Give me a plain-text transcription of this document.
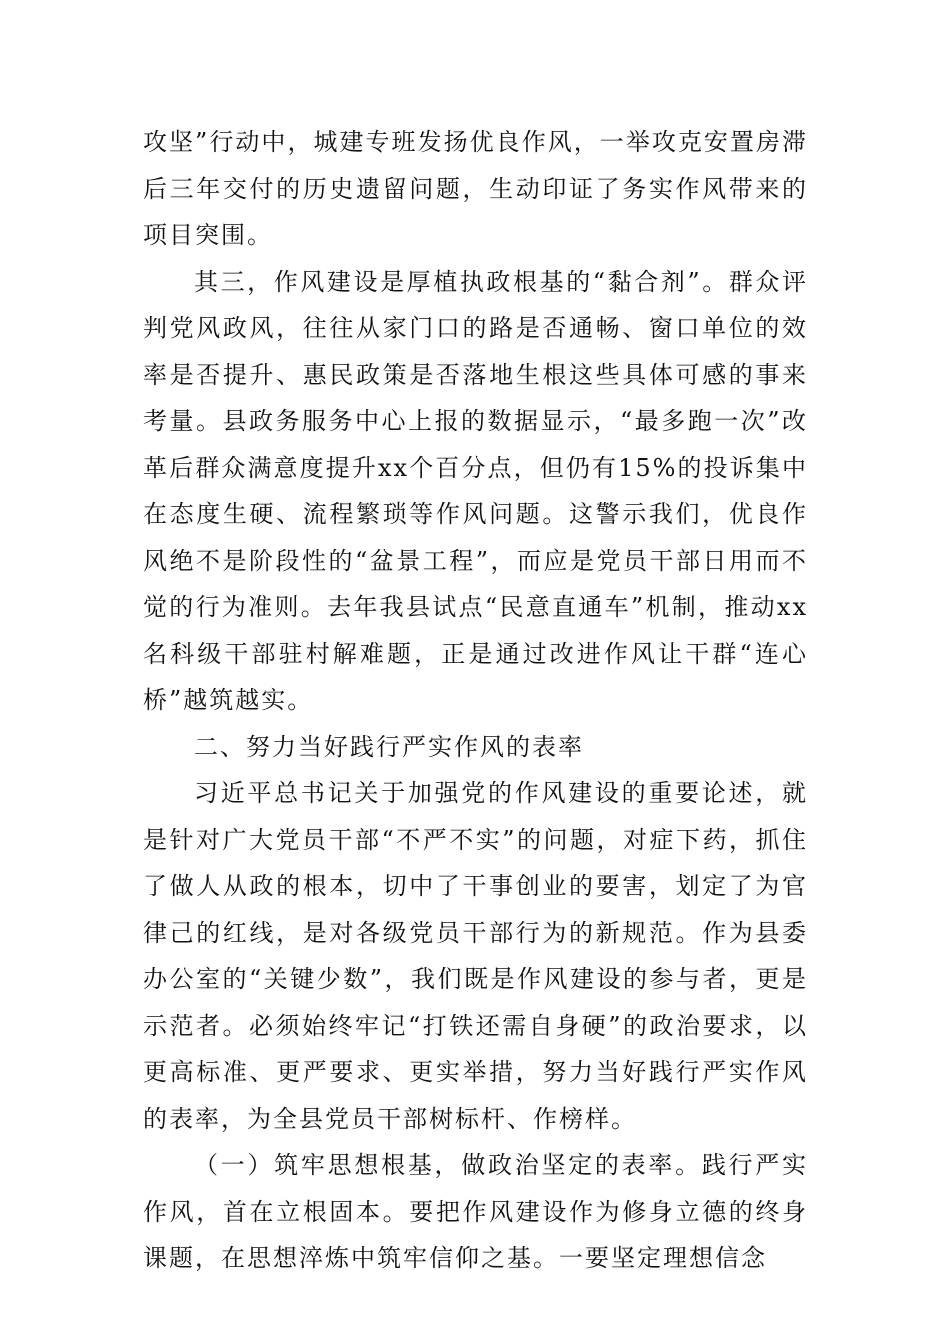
攻坚”行动中，城建专班发扬优良作风，一举攻克安置房滞后三年交付的历史遗留问题，生动印证了务实作风带来的项目突围。

其三，作风建设是厚植执政根基的“黏合剂”。群众评判党风政风，往往从家门口的路是否通畅、窗口单位的效率是否提升、惠民政策是否落地生根这些具体可感的事来考量。县政务服务中心上报的数据显示，“最多跑一次”改革后群众满意度提升xx个百分点，但仍有15%的投诉集中在态度生硬、流程繁琐等作风问题。这警示我们，优良作风绝不是阶段性的“盆景工程”，而应是党员干部日用而不觉的行为准则。去年我县试点“民意直通车”机制，推动xx名科级干部驻村解难题，正是通过改进作风让干群“连心桥”越筑越实。

二、努力当好践行严实作风的表率

习近平总书记关于加强党的作风建设的重要论述，就是针对广大党员干部“不严不实”的问题，对症下药，抓住了做人从政的根本，切中了干事创业的要害，划定了为官律己的红线，是对各级党员干部行为的新规范。作为县委办公室的“关键少数”，我们既是作风建设的参与者，更是示范者。必须始终牢记“打铁还需自身硬”的政治要求，以更高标准、更严要求、更实举措，努力当好践行严实作风的表率，为全县党员干部树标杆、作榜样。

（一）筑牢思想根基，做政治坚定的表率。践行严实作风，首在立根固本。要把作风建设作为修身立德的终身课题，在思想淬炼中筑牢信仰之基。一要坚定理想信念
